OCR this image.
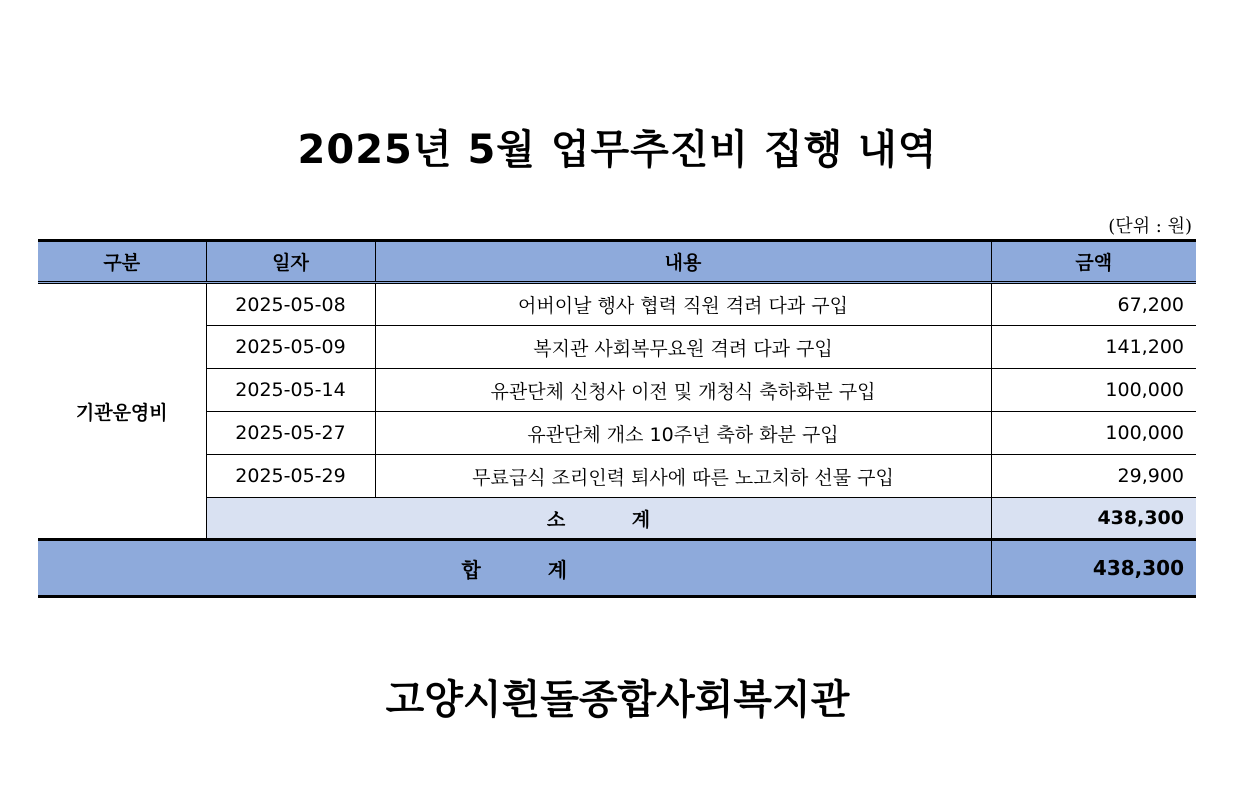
2025년 5월 업무추진비 집행 내역
(단위 : 원)
구분	일자	내용	금액
기관운영비	2025-05-08	어버이날 행사 협력 직원 격려 다과 구입	67,200
	2025-05-09	복지관 사회복무요원 격려 다과 구입	141,200
	2025-05-14	유관단체 신청사 이전 및 개청식 축하화분 구입	100,000
	2025-05-27	유관단체 개소 10주년 축하 화분 구입	100,000
	2025-05-29	무료급식 조리인력 퇴사에 따른 노고치하 선물 구입	29,900
	소 계		438,300
합 계			438,300
고양시흰돌종합사회복지관
